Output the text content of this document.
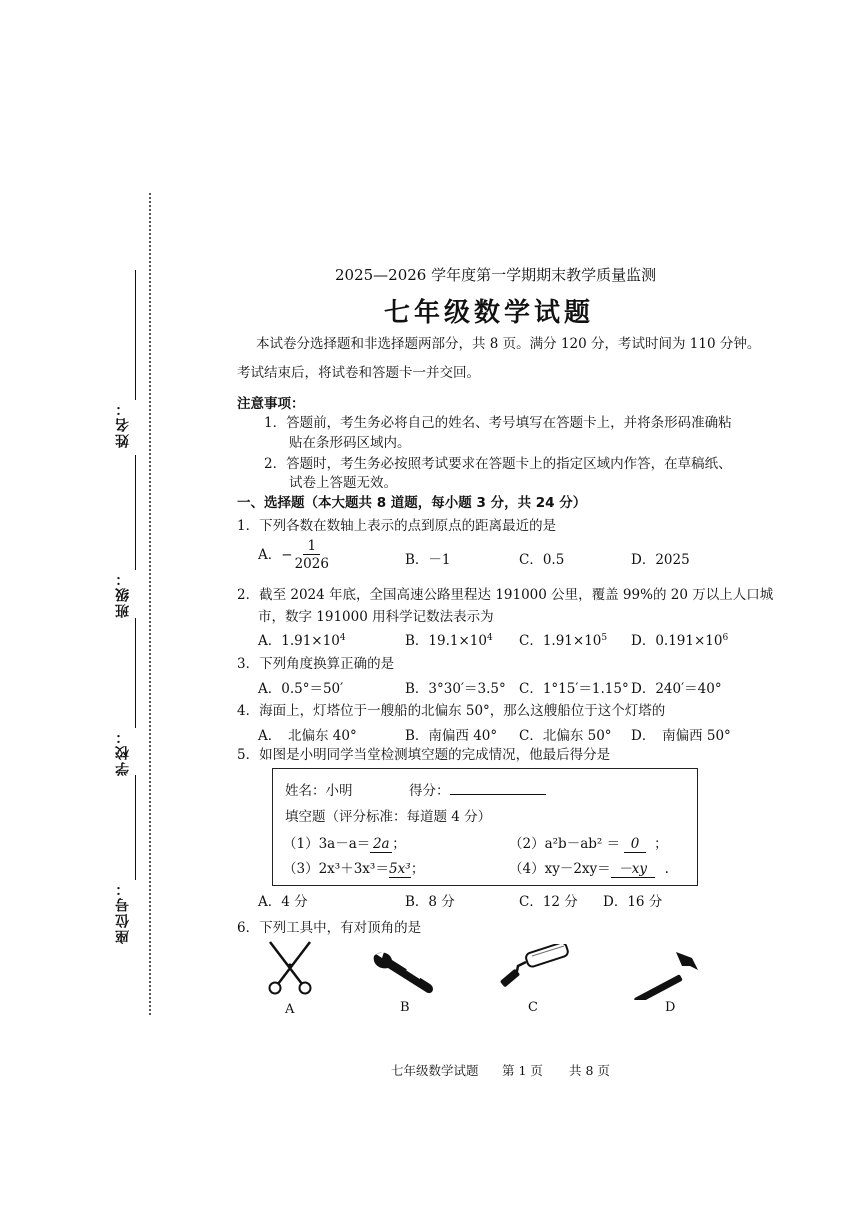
姓名：
班级：
学校：
座位号：
2025—2026 学年度第一学期期末教学质量监测
七年级数学试题
本试卷分选择题和非选择题两部分，共 8 页。满分 120 分，考试时间为 110 分钟。
考试结束后，将试卷和答题卡一并交回。
注意事项：
1．答题前，考生务必将自己的姓名、考号填写在答题卡上，并将条形码准确粘
贴在条形码区域内。
2．答题时，考生务必按照考试要求在答题卡上的指定区域内作答，在草稿纸、
试卷上答题无效。
一、选择题（本大题共 8 道题，每小题 3 分，共 24 分）
1．下列各数在数轴上表示的点到原点的距离最近的是
A．− $\frac{1}{2026}$	B．－1	C．0.5	D．2025
2．截至 2024 年底，全国高速公路里程达 191000 公里，覆盖 99%的 20 万以上人口城
市，数字 191000 用科学记数法表示为
A．$1.91\times 10^4$	B．$19.1\times 10^4$ C．$1.91\times 10^5$ D．$0.191\times 10^6$
3．下列角度换算正确的是
A．0.5°＝50′	B．3°30′＝3.5° C．1°15′＝1.15° D．240′＝40°
4．海面上，灯塔位于一艘船的北偏东 50°，那么这艘船位于这个灯塔的
A．　北偏东 40°	B．南偏西 40° C．北偏东 50° D．　南偏西 50°
5．如图是小明同学当堂检测填空题的完成情况，他最后得分是
姓名：小明	得分：
填空题（评分标准：每道题 4 分）
（1）3a－a＝ 2a ；	（2）a²b－ab² ＝ 0 ；
（3）2x³＋3x³＝5x³；	（4）xy－2xy＝ －xy .
A．4 分	B．8 分	C．12 分 D．16 分
6．下列工具中，有对顶角的是
A	B	C	D
七年级数学试题 第 1 页 共 8 页
